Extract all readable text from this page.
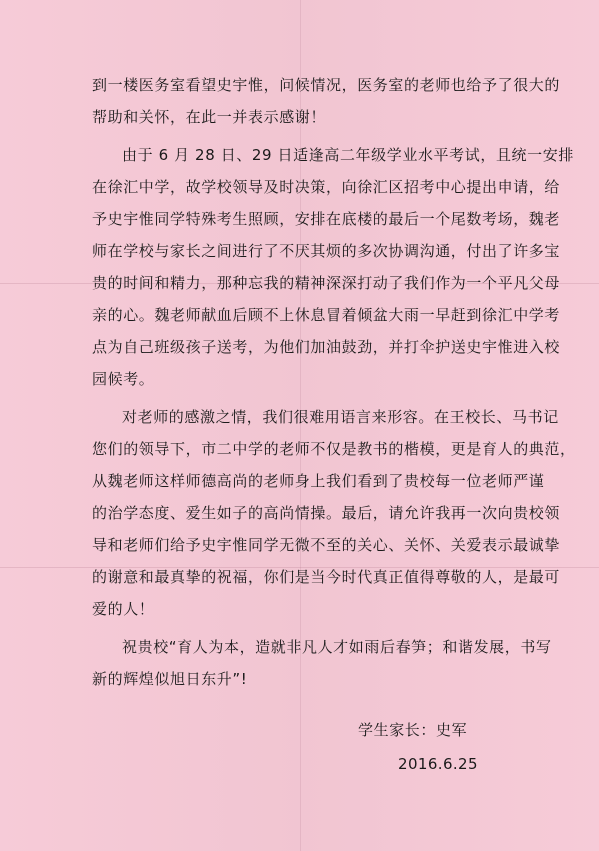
到一楼医务室看望史宇惟，问候情况，医务室的老师也给予了很大的
帮助和关怀，在此一并表示感谢！
由于 6 月 28 日、29 日适逢高二年级学业水平考试，且统一安排
在徐汇中学，故学校领导及时决策，向徐汇区招考中心提出申请，给
予史宇惟同学特殊考生照顾，安排在底楼的最后一个尾数考场，魏老
师在学校与家长之间进行了不厌其烦的多次协调沟通，付出了许多宝
贵的时间和精力，那种忘我的精神深深打动了我们作为一个平凡父母
亲的心。魏老师献血后顾不上休息冒着倾盆大雨一早赶到徐汇中学考
点为自己班级孩子送考，为他们加油鼓劲，并打伞护送史宇惟进入校
园候考。
对老师的感激之情，我们很难用语言来形容。在王校长、马书记
您们的领导下，市二中学的老师不仅是教书的楷模，更是育人的典范，
从魏老师这样师德高尚的老师身上我们看到了贵校每一位老师严谨
的治学态度、爱生如子的高尚情操。最后，请允许我再一次向贵校领
导和老师们给予史宇惟同学无微不至的关心、关怀、关爱表示最诚挚
的谢意和最真挚的祝福，你们是当今时代真正值得尊敬的人，是最可
爱的人！
祝贵校“育人为本，造就非凡人才如雨后春笋；和谐发展，书写
新的辉煌似旭日东升”!
学生家长：史军
2016.6.25
